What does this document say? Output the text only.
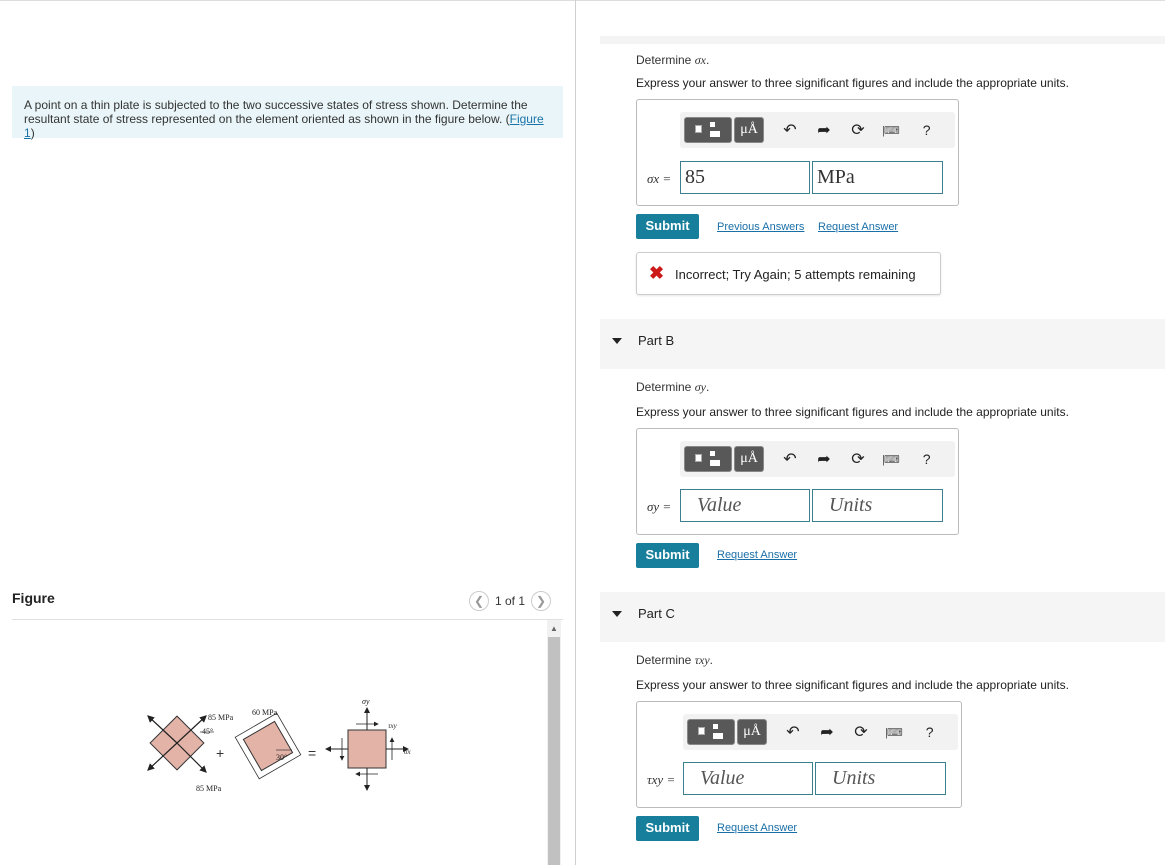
A point on a thin plate is subjected to the two successive states of stress shown. Determine the resultant state of stress represented on the element oriented as shown in the figure below. (Figure 1)
Figure	❮ 1 of 1 ❯
85 MPa
45°
85 MPa
+
60 MPa
30° =
σy
τxy
σx
▲
Determine σx.
Express your answer to three significant figures and include the appropriate units.
μÅ	↶ ➦ ⟳ |⌨ ?
σx = 85	MPa
Submit	Previous Answers Request Answer
✖ Incorrect; Try Again; 5 attempts remaining
Part B
Determine σy.
Express your answer to three significant figures and include the appropriate units.
μÅ	↶ ➦ ⟳ |⌨ ?
σy =	Value	Units
Submit	Request Answer
Part C
Determine τxy.
Express your answer to three significant figures and include the appropriate units.
μÅ	↶ ➦ ⟳ |⌨ ?
τxy =	Value	Units
Submit	Request Answer
